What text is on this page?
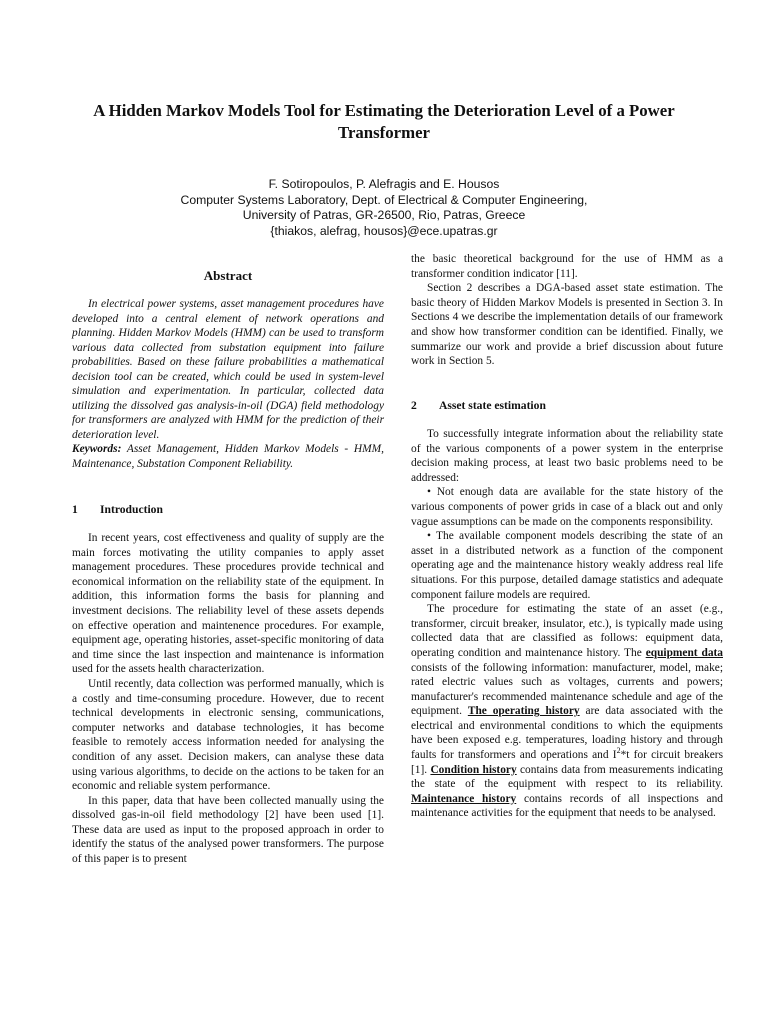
A Hidden Markov Models Tool for Estimating the Deterioration Level of a Power Transformer
F. Sotiropoulos, P. Alefragis and E. Housos
Computer Systems Laboratory, Dept. of Electrical & Computer Engineering,
University of Patras, GR-26500, Rio, Patras, Greece
{thiakos, alefrag, housos}@ece.upatras.gr
Abstract

In electrical power systems, asset management procedures have developed into a central element of network operations and planning. Hidden Markov Models (HMM) can be used to transform various data collected from substation equipment into failure probabilities. Based on these failure probabilities a mathematical decision tool can be created, which could be used in system-level simulation and experimentation. In particular, collected data utilizing the dissolved gas analysis-in-oil (DGA) field methodology for transformers are analyzed with HMM for the prediction of their deterioration level.

Keywords: Asset Management, Hidden Markov Models - HMM, Maintenance, Substation Component Reliability.

1 Introduction

In recent years, cost effectiveness and quality of supply are the main forces motivating the utility companies to apply asset management procedures. These procedures provide technical and economical information on the reliability state of the equipment. In addition, this information forms the basis for planning and investment decisions. The reliability level of these assets depends on effective operation and maintenence procedures. For example, equipment age, operating histories, asset-specific monitoring of data and time since the last inspection and maintenance is information used for the assets health characterization.

Until recently, data collection was performed manually, which is a costly and time-consuming procedure. However, due to recent technical developments in electronic sensing, communications, computer networks and database technologies, it has become feasible to remotely access information needed for analysing the condition of any asset. Decision makers, can analyse these data using various algorithms, to decide on the actions to be taken for an economic and reliable system performance.

In this paper, data that have been collected manually using the dissolved gas-in-oil field methodology [2] have been used [1]. These data are used as input to the proposed approach in order to identify the status of the analysed power transformers. The purpose of this paper is to present

the basic theoretical background for the use of HMM as a transformer condition indicator [11].

Section 2 describes a DGA-based asset state estimation. The basic theory of Hidden Markov Models is presented in Section 3. In Sections 4 we describe the implementation details of our framework and show how transformer condition can be identified. Finally, we summarize our work and provide a brief discussion about future work in Section 5.

2 Asset state estimation

To successfully integrate information about the reliability state of the various components of a power system in the enterprise decision making process, at least two basic problems need to be addressed:

• Not enough data are available for the state history of the various components of power grids in case of a black out and only vague assumptions can be made on the components responsibility.

• The available component models describing the state of an asset in a distributed network as a function of the component operating age and the maintenance history weakly address real life situations. For this purpose, detailed damage statistics and adequate component failure models are required.

The procedure for estimating the state of an asset (e.g., transformer, circuit breaker, insulator, etc.), is typically made using collected data that are classified as follows: equipment data, operating condition and maintenance history. The equipment data consists of the following information: manufacturer, model, make; rated electric values such as voltages, currents and powers; manufacturer's recommended maintenance schedule and age of the equipment. The operating history are data associated with the electrical and environmental conditions to which the equipments have been exposed e.g. temperatures, loading history and through faults for transformers and operations and $I^2*t$ for circuit breakers [1]. Condition history contains data from measurements indicating the state of the equipment with respect to its reliability. Maintenance history contains records of all inspections and maintenance activities for the equipment that needs to be analysed.
